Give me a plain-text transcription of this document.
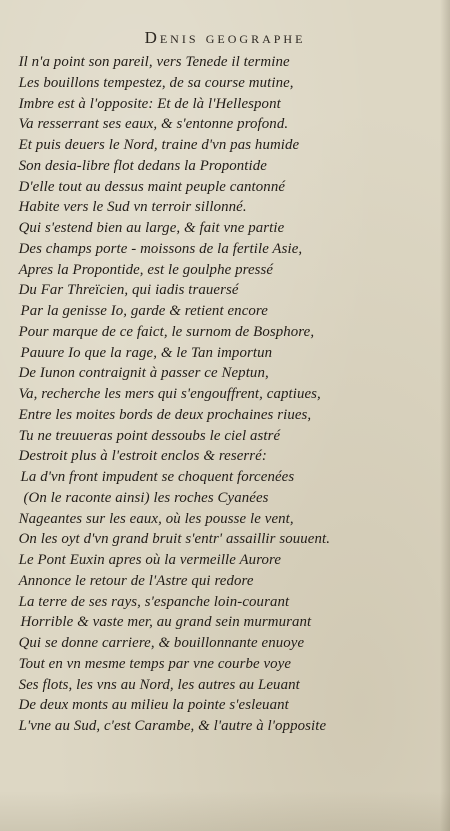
Denis geographe
Il n'a point son pareil, vers Tenede il termine
Les bouillons tempestez, de sa course mutine,
Imbre est à l'opposite: Et de là l'Hellespont
Va resserrant ses eaux, & s'entonne profond.
Et puis deuers le Nord, traine d'vn pas humide
Son desia-libre flot dedans la Propontide
D'elle tout au dessus maint peuple cantonné
Habite vers le Sud vn terroir sillonné.
Qui s'estend bien au large, & fait vne partie
Des champs porte - moissons de la fertile Asie,
Apres la Propontide, est le goulphe pressé
Du Far Threïcien, qui iadis trauersé
Par la genisse Io, garde & retient encore
Pour marque de ce faict, le surnom de Bosphore,
Pauure Io que la rage, & le Tan importun
De Iunon contraignit à passer ce Neptun,
Va, recherche les mers qui s'engouffrent, captiues,
Entre les moites bords de deux prochaines riues,
Tu ne treuueras point dessoubs le ciel astré
Destroit plus à l'estroit enclos & reserré:
La d'vn front impudent se choquent forcenées
(On le raconte ainsi) les roches Cyanées
Nageantes sur les eaux, où les pousse le vent,
On les oyt d'vn grand bruit s'entr' assaillir souuent.
Le Pont Euxin apres où la vermeille Aurore
Annonce le retour de l'Astre qui redore
La terre de ses rays, s'espanche loin-courant
Horrible & vaste mer, au grand sein murmurant
Qui se donne carriere, & bouillonnante enuoye
Tout en vn mesme temps par vne courbe voye
Ses flots, les vns au Nord, les autres au Leuant
De deux monts au milieu la pointe s'esleuant
L'vne au Sud, c'est Carambe, & l'autre à l'opposite
